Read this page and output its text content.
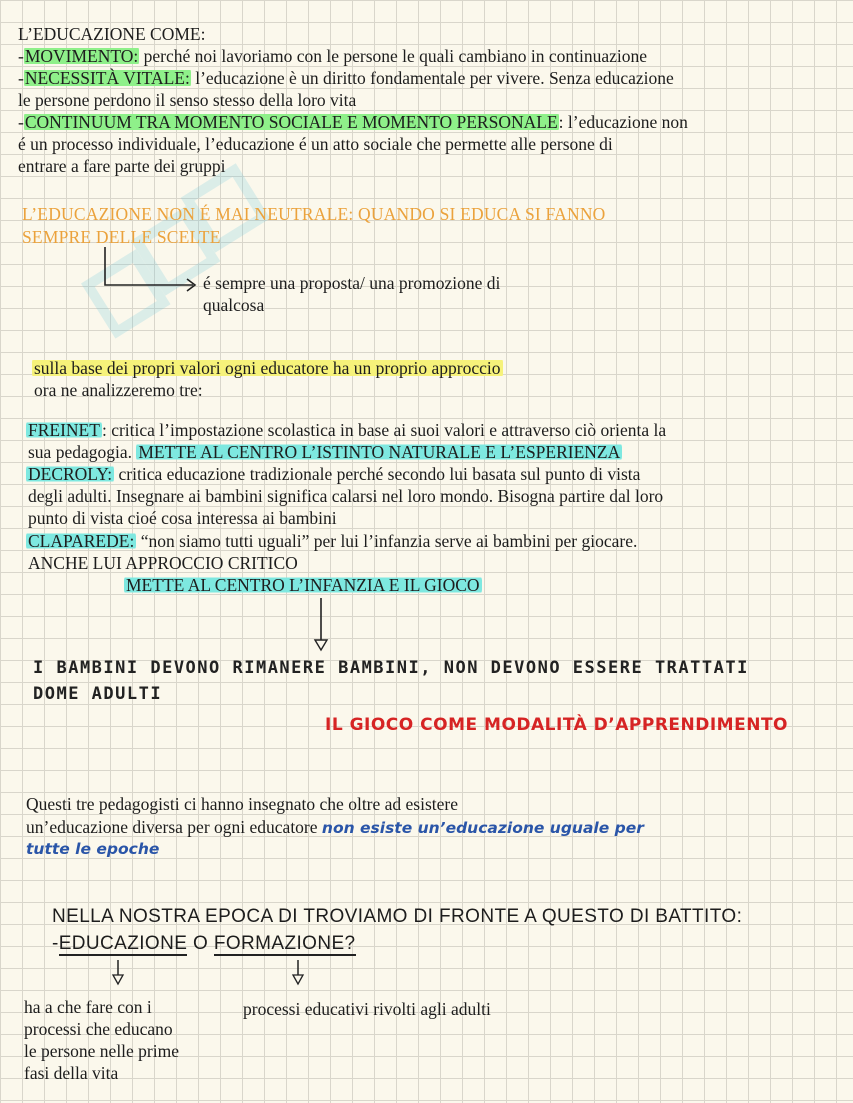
L’EDUCAZIONE COME:
-MOVIMENTO: perché noi lavoriamo con le persone le quali cambiano in continuazione
-NECESSITÀ VITALE: l’educazione è un diritto fondamentale per vivere. Senza educazione
le persone perdono il senso stesso della loro vita
-CONTINUUM TRA MOMENTO SOCIALE E MOMENTO PERSONALE: l’educazione non
é un processo individuale, l’educazione é un atto sociale che permette alle persone di
entrare a fare parte dei gruppi
L’EDUCAZIONE NON É MAI NEUTRALE: QUANDO SI EDUCA SI FANNO
SEMPRE DELLE SCELTE
é sempre una proposta/ una promozione di
qualcosa
sulla base dei propri valori ogni educatore ha un proprio approccio
ora ne analizzeremo tre:
FREINET : critica l’impostazione scolastica in base ai suoi valori e attraverso ciò orienta la
sua pedagogia. METTE AL CENTRO L’ISTINTO NATURALE E L’ESPERIENZA
DECROLY: critica educazione tradizionale perché secondo lui basata sul punto di vista
degli adulti. Insegnare ai bambini significa calarsi nel loro mondo. Bisogna partire dal loro
punto di vista cioé cosa interessa ai bambini
CLAPAREDE: “non siamo tutti uguali” per lui l’infanzia serve ai bambini per giocare.
ANCHE LUI APPROCCIO CRITICO
METTE AL CENTRO L’INFANZIA E IL GIOCO
I BAMBINI DEVONO RIMANERE BAMBINI, NON DEVONO ESSERE TRATTATI
DOME ADULTI
IL GIOCO COME MODALITÀ D’APPRENDIMENTO
Questi tre pedagogisti ci hanno insegnato che oltre ad esistere
un’educazione diversa per ogni educatore non esiste un’educazione uguale per
tutte le epoche
NELLA NOSTRA EPOCA DI TROVIAMO DI FRONTE A QUESTO DI BATTITO:
-EDUCAZIONE O FORMAZIONE?
ha a che fare con i
processi che educano
le persone nelle prime
fasi della vita
processi educativi rivolti agli adulti
